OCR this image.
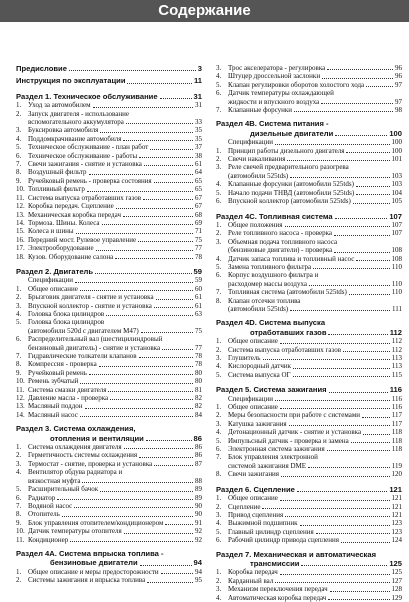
Содержание
Предисловие	3
Инструкция по эксплуатации	11
Раздел 1. Техническое обслуживание	31
1. Уход за автомобилем	31
2. Запуск двигателя - использование
вспомогательного аккумулятора	33
3. Буксировка автомобиля	35
4. Поддомкрачивание автомобиля	35
5. Техническое обслуживание - план работ	37
6. Техническое обслуживание - работы	38
7. Свечи зажигания - снятие и установка	61
8. Воздушный фильтр	64
9. Ручейковый ремень - проверка состояния	65
10. Топливный фильтр	65
11. Система выпуска отработавших газов	67
12. Коробка передач. Сцепление	67
13. Механическая коробка передач	68
14. Тормоза. Шины. Колеса	69
15. Колеса и шины	71
16. Передний мост. Рулевое управление	75
17. Электрооборудование	77
18. Кузов. Оборудование салона	78
Раздел 2. Двигатель	59
Спецификации	59
1. Общее описание	60
2. Брызговик двигателя - снятие и установка	61
3. Впускной коллектор - снятие и установка	61
4. Головка блока цилиндров	63
5. Головка блока цилиндров
(автомобили 520d с двигателем M47)	75
6. Распределительный вал (шестицилиндровый
бензиновый двигатель) - снятие и установка	77
7. Гидравлические толкатели клапанов	78
8. Компрессия - проверка	78
9. Ручейковый ремень	80
10. Ремень зубчатый	80
11. Система смазки двигателя	81
12. Давление масла - проверка	82
13. Масляный поддон	82
14. Масляный насос	84
Раздел 3. Система охлаждения,
отопления и вентиляции	86
1. Система охлаждения двигателя	86
2. Герметичность системы охлаждения	86
3. Термостат - снятие, проверка и установка	87
4. Вентилятор обдува радиатора и
вязкостная муфта	88
5. Расширительный бачок	89
6. Радиатор	89
7. Водяной насос	90
8. Отопитель	90
9. Блок управления отопителем/кондиционером	91
10. Датчик температуры отопителя	92
11. Кондиционер	92
Раздел 4А. Система впрыска топлива -
бензиновые двигатели	94
1. Общее описание и меры предосторожности	94
2. Системы зажигания и впрыска топлива	95
3. Трос акселератора - регулировка	96
4. Штуцер дроссельной заслонки	96
5. Клапан регулировки оборотов холостого хода	97
6. Датчик температуры охлаждающей
жидкости и впускного воздуха	97
7. Клапанные форсунки	98
Раздел 4В. Система питания -
дизельные двигатели	100
Спецификации	100
1. Принцип работы дизельного двигателя	100
2. Свечи накаливания	101
3. Реле свечей предварительного разогрева
(автомобили 525tds)	103
4. Клапанные форсунки (автомобили 525tds)	103
5. Начало подачи ТНВД (автомобили 525tds)	104
6. Впускной коллектор (автомобили 525tds)	105
Раздел 4С. Топливная система	107
1. Общее положения	107
2. Реле топливного насоса - проверка	107
3. Объемная подача топливного насоса
(бензиновые двигатели) - проверка	108
4. Датчик запаса топлива и топливный насос	108
5. Замена топливного фильтра	110
6. Корпус воздушного фильтра и
расходомер массы воздуха	110
7. Топливная система (автомобили 525tds)	110
8. Клапан отсечки топлива
(автомобили 525tds)	111
Раздел 4D. Система выпуска
отработавших газов	112
1. Общее описание	112
2. Система выпуска отработавших газов	112
3. Глушитель	113
4. Кислородный датчик	113
5. Система выпуска ОГ	115
Раздел 5. Система зажигания	116
Спецификации	116
1. Общее описание	116
2. Меры безопасности при работе с системами	117
3. Катушка зажигания	117
4. Детонационный датчик - снятие и установка	118
5. Импульсный датчик - проверка и замена	118
6. Электронная система зажигания	118
7. Блок управления электронной
системой зажигания DME	119
8. Свечи зажигания	120
Раздел 6. Сцепление	121
1. Общее описание	121
2. Сцепление	121
3. Привод сцепления	121
4. Выжимной подшипник	123
5. Главный цилиндр сцепления	123
6. Рабочий цилиндр привода сцепления	124
Раздел 7. Механическая и автоматическая
трансмиссии	125
1. Коробка передач	125
2. Карданный вал	127
3. Механизм переключения передач	128
4. Автоматическая коробка передач	129
